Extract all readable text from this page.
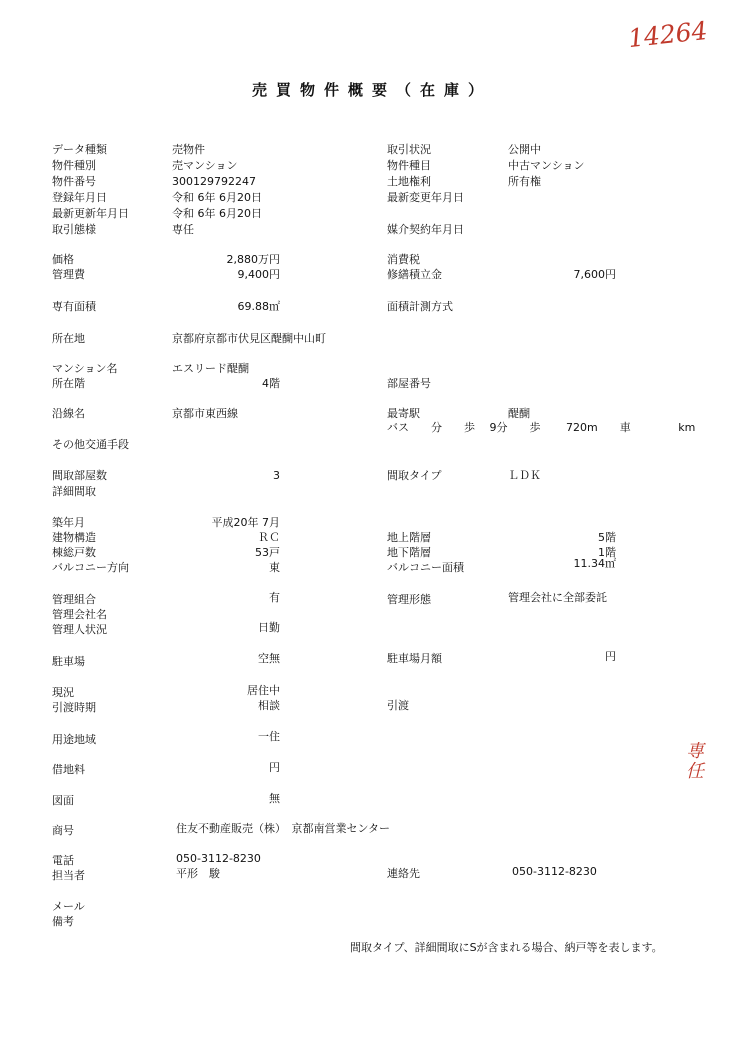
14264
専任
売買物件概要（在庫）
データ種類	売物件	取引状況	公開中
物件種別	売マンション	物件種目	中古マンション
物件番号	300129792247	土地権利	所有権
登録年月日	令和 6年 6月20日	最新変更年月日
最新更新年月日	令和 6年 6月20日
取引態様	専任	媒介契約年月日
価格	2,880万円	消費税
管理費	9,400円	修繕積立金	7,600円
専有面積	69.88㎡	面積計測方式
所在地	京都府京都市伏見区醍醐中山町
マンション名	エスリード醍醐
所在階	4階	部屋番号
沿線名	京都市東西線	最寄駅	醍醐
バス　　分　　歩　 9分　　歩　　 720m　　車　　　　 km
その他交通手段
間取部屋数	3	間取タイプ	ＬＤＫ
詳細間取
築年月	平成20年 7月
建物構造	ＲＣ	地上階層	5階
棟総戸数	53戸	地下階層	1階
バルコニー方向	東	バルコニー面積	11.34㎡
管理組合	有	管理形態	管理会社に全部委託
管理会社名
管理人状況	日勤
駐車場	空無	駐車場月額	円
現況	居住中
引渡時期	相談	引渡
用途地域	一住
借地料	円
図面	無
商号	住友不動産販売（株）　京都南営業センター
電話	050-3112-8230
担当者	平形　駿	連絡先	050-3112-8230
メール
備考
間取タイプ、詳細間取にSが含まれる場合、納戸等を表します。
